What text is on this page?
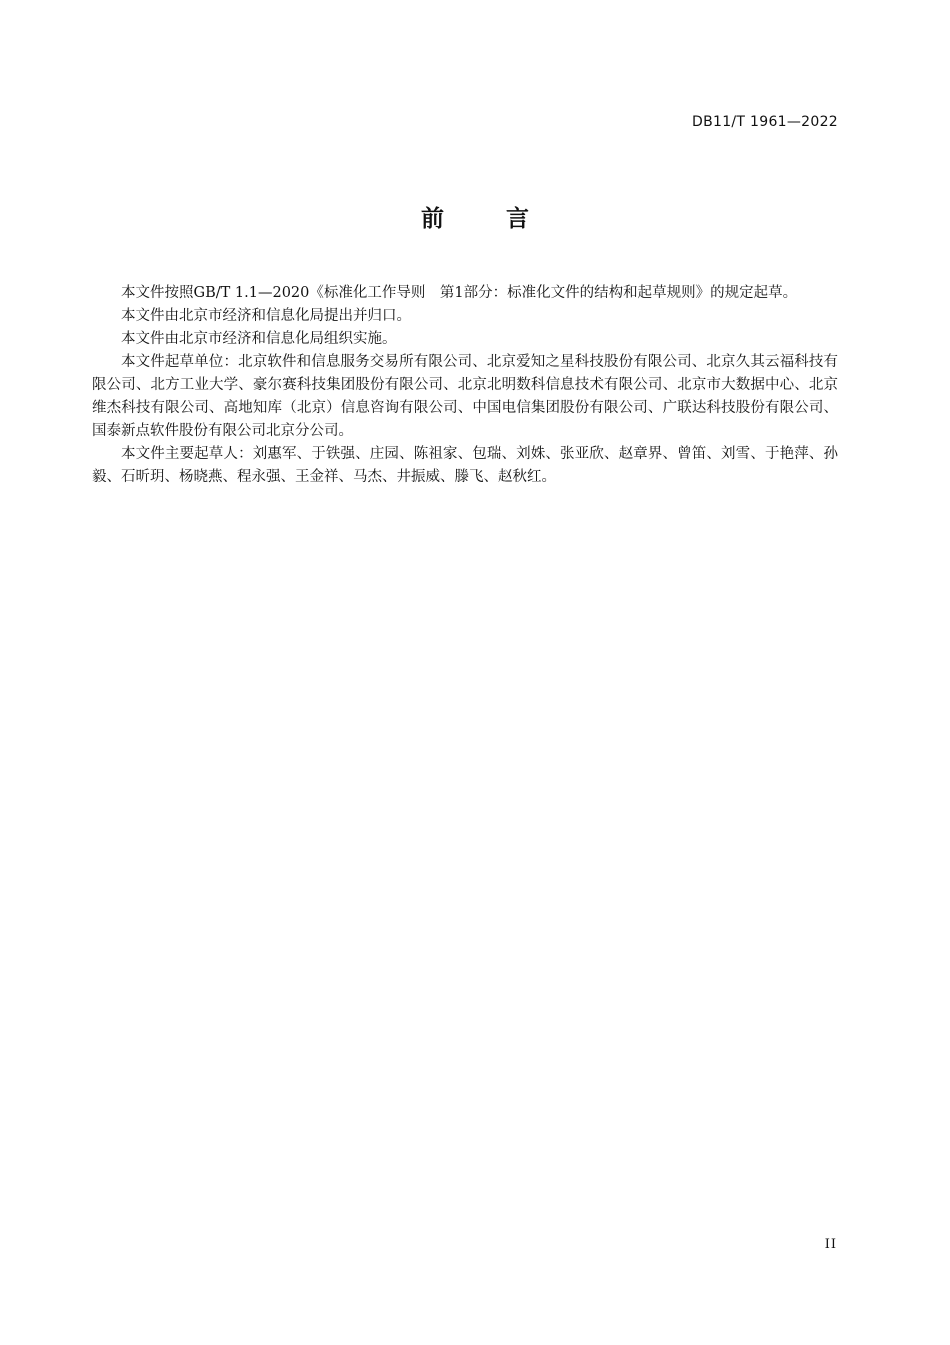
DB11/T 1961—2022
前言

本文件按照GB/T 1.1—2020《标准化工作导则　第1部分：标准化文件的结构和起草规则》的规定起草。

本文件由北京市经济和信息化局提出并归口。

本文件由北京市经济和信息化局组织实施。

本文件起草单位：北京软件和信息服务交易所有限公司、北京爱知之星科技股份有限公司、北京久其云福科技有限公司、北方工业大学、豪尔赛科技集团股份有限公司、北京北明数科信息技术有限公司、北京市大数据中心、北京维杰科技有限公司、高地知库（北京）信息咨询有限公司、中国电信集团股份有限公司、广联达科技股份有限公司、国泰新点软件股份有限公司北京分公司。

本文件主要起草人：刘惠军、于铁强、庄园、陈祖家、包瑞、刘姝、张亚欣、赵章界、曾笛、刘雪、于艳萍、孙毅、石昕玥、杨晓燕、程永强、王金祥、马杰、井振威、滕飞、赵秋红。

II
